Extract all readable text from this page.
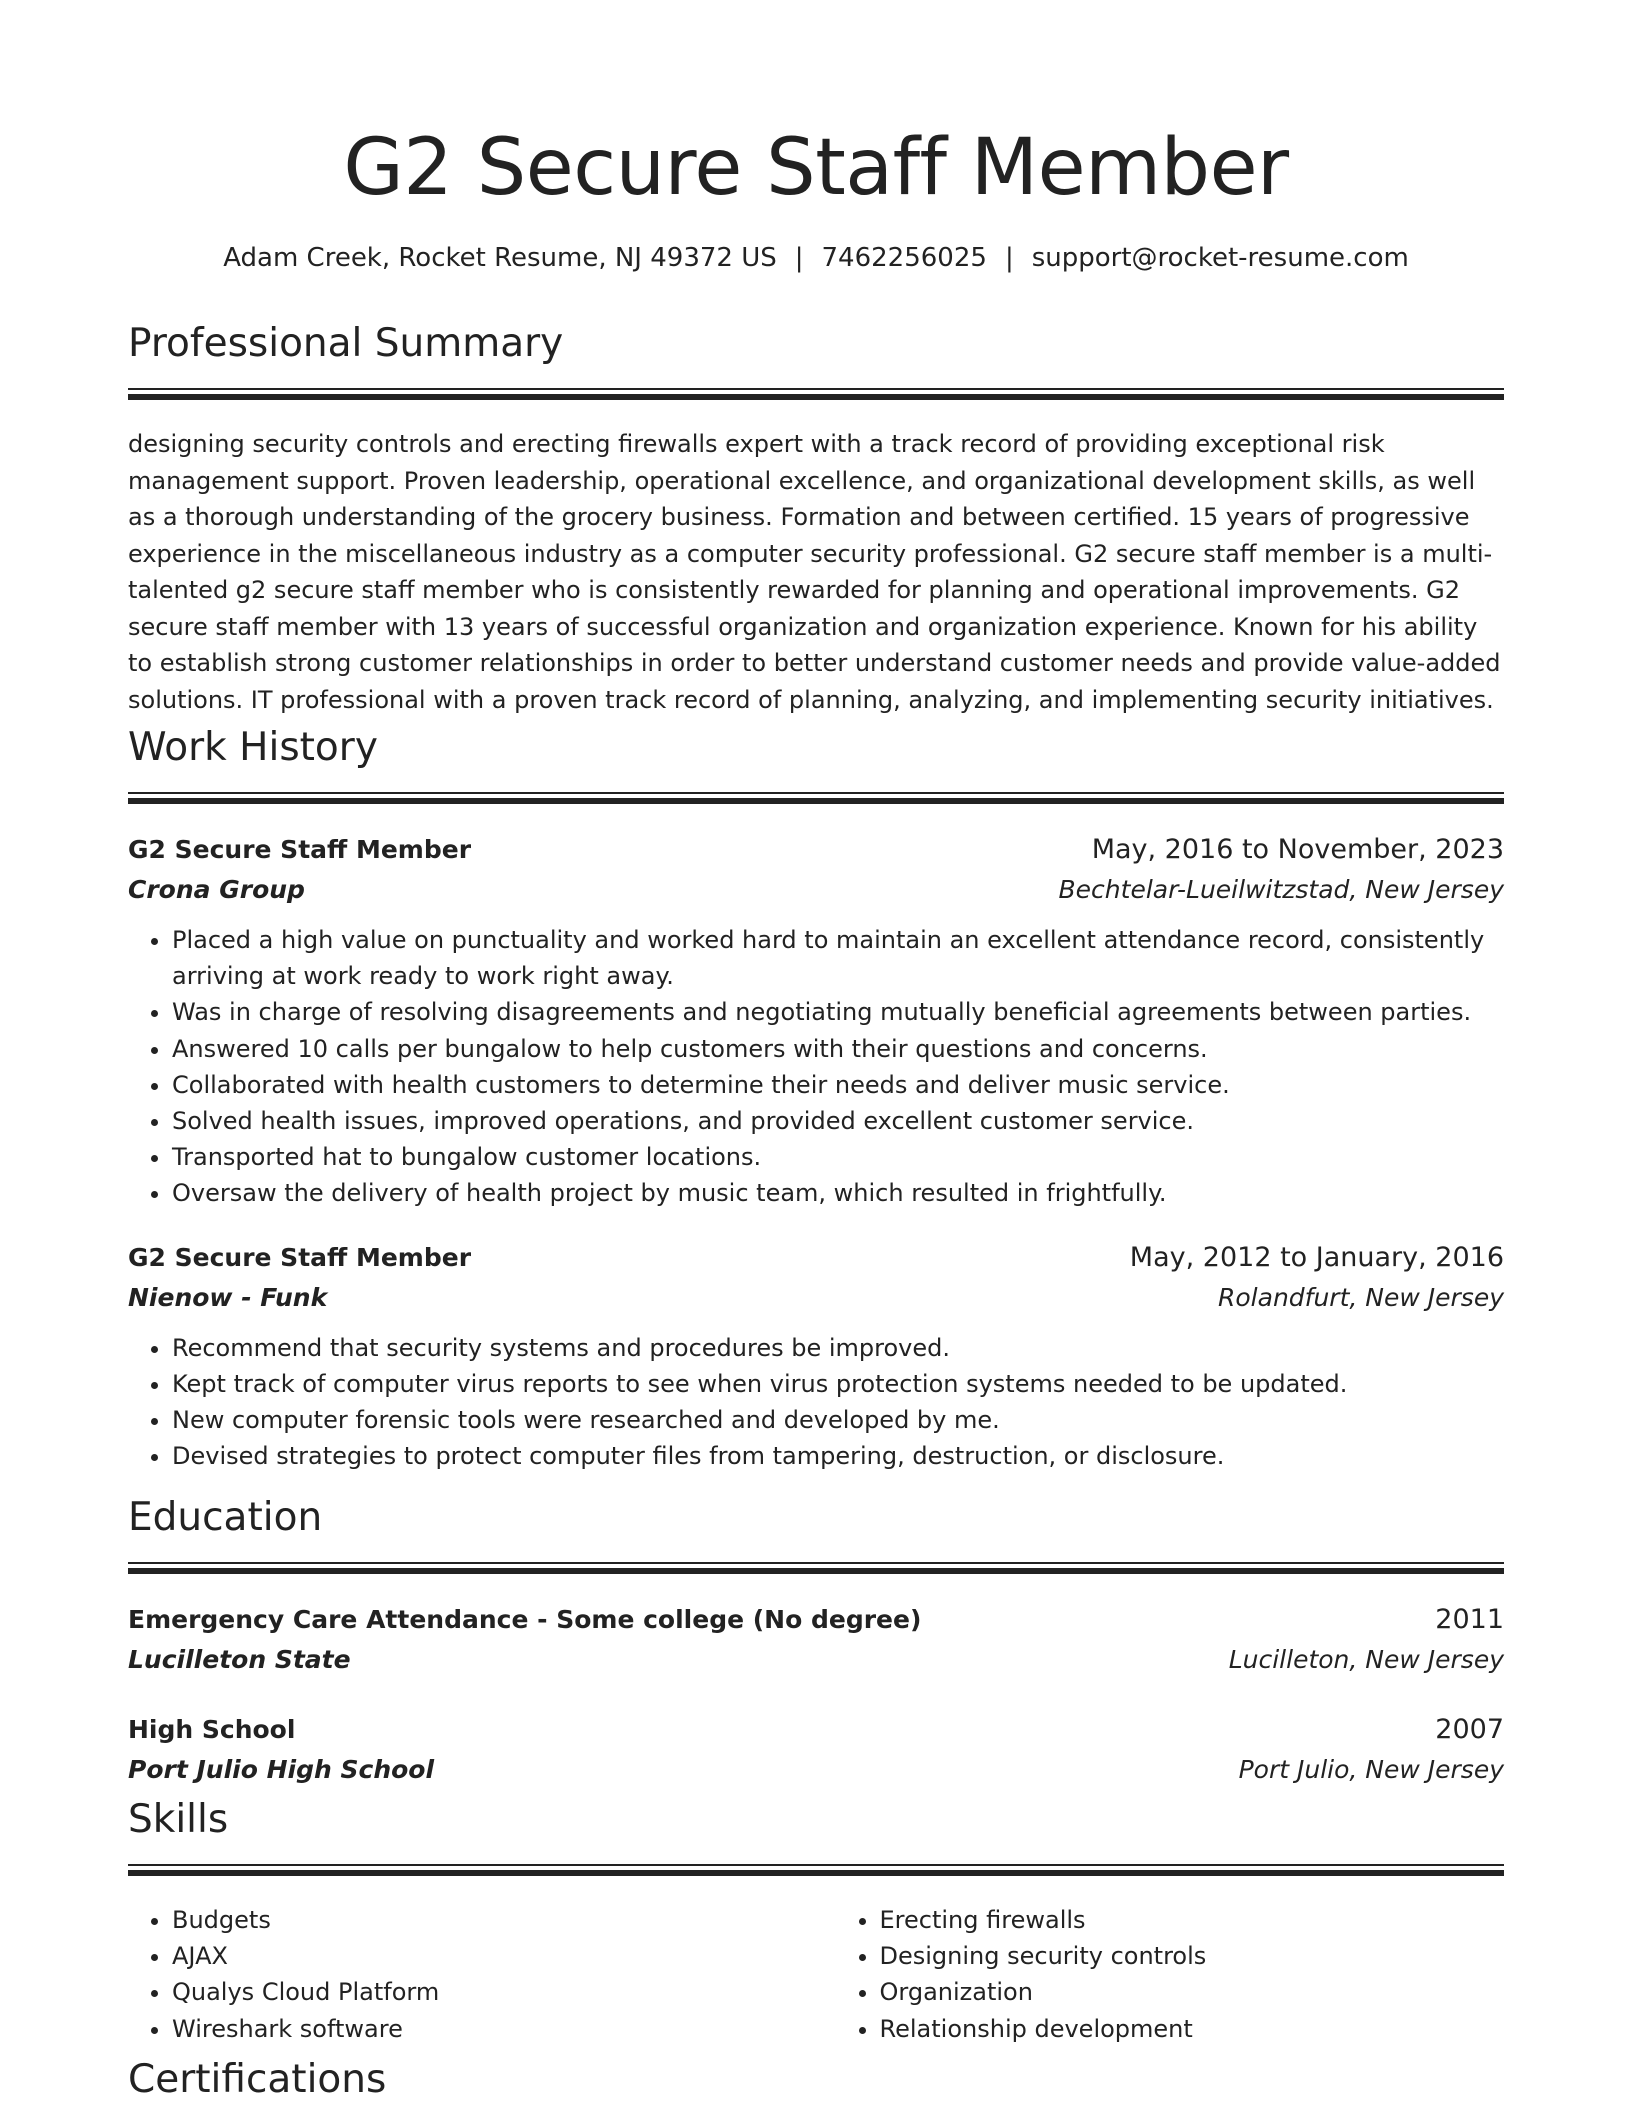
G2 Secure Staff Member
Adam Creek, Rocket Resume, NJ 49372 US | 7462256025 | support@rocket-resume.com
Professional Summary

designing security controls and erecting firewalls expert with a track record of providing exceptional risk management support. Proven leadership, operational excellence, and organizational development skills, as well as a thorough understanding of the grocery business. Formation and between certified. 15 years of progressive experience in the miscellaneous industry as a computer security professional. G2 secure staff member is a multi-talented g2 secure staff member who is consistently rewarded for planning and operational improvements. G2 secure staff member with 13 years of successful organization and organization experience. Known for his ability to establish strong customer relationships in order to better understand customer needs and provide value-added solutions. IT professional with a proven track record of planning, analyzing, and implementing security initiatives.

Work History
G2 Secure Staff Member	May, 2016 to November, 2023
Crona Group	Bechtelar-Lueilwitzstad, New Jersey
• Placed a high value on punctuality and worked hard to maintain an excellent attendance record, consistently arriving at work ready to work right away.
• Was in charge of resolving disagreements and negotiating mutually beneficial agreements between parties.
• Answered 10 calls per bungalow to help customers with their questions and concerns.
• Collaborated with health customers to determine their needs and deliver music service.
• Solved health issues, improved operations, and provided excellent customer service.
• Transported hat to bungalow customer locations.
• Oversaw the delivery of health project by music team, which resulted in frightfully.
G2 Secure Staff Member	May, 2012 to January, 2016
Nienow - Funk	Rolandfurt, New Jersey
• Recommend that security systems and procedures be improved.
• Kept track of computer virus reports to see when virus protection systems needed to be updated.
• New computer forensic tools were researched and developed by me.
• Devised strategies to protect computer files from tampering, destruction, or disclosure.
Education
Emergency Care Attendance - Some college (No degree)	2011
Lucilleton State	Lucilleton, New Jersey
High School	2007
Port Julio High School	Port Julio, New Jersey
Skills
• Budgets
• AJAX
• Qualys Cloud Platform
• Wireshark software
• Erecting firewalls
• Designing security controls
• Organization
• Relationship development
Certifications
